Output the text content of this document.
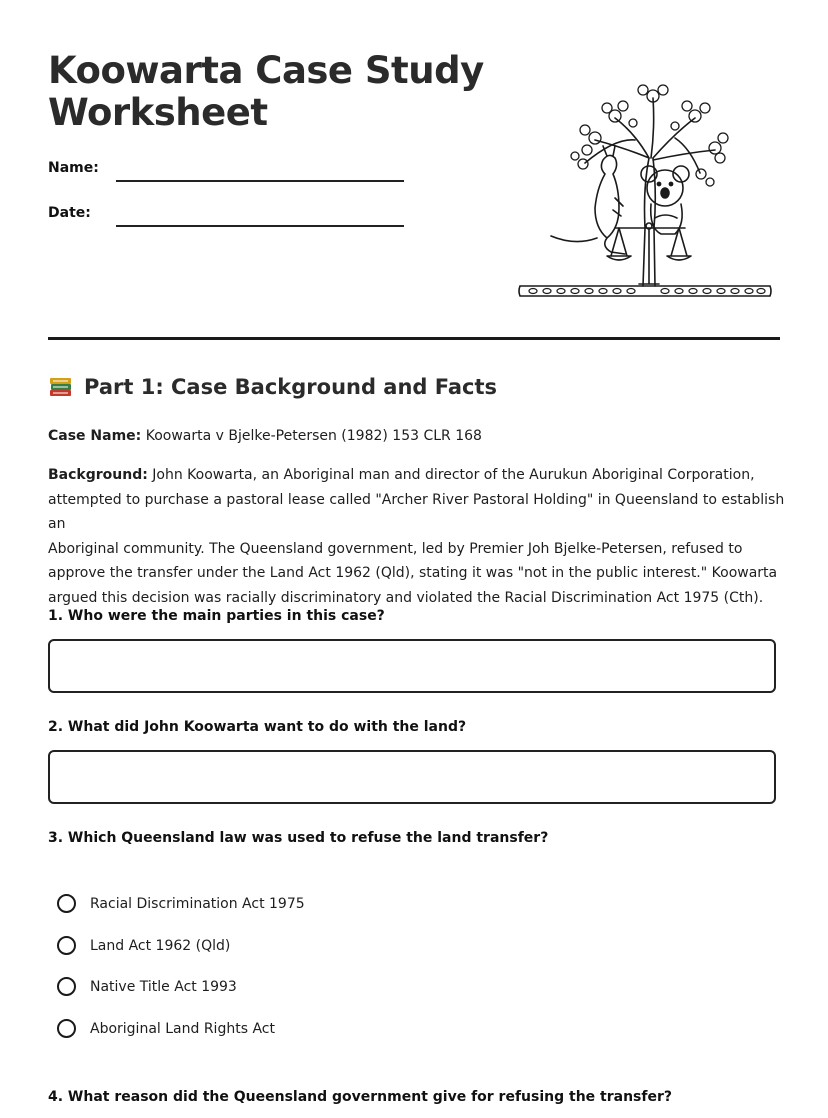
Koowarta Case Study
Worksheet
Name:
Date:
Part 1: Case Background and Facts
Case Name: Koowarta v Bjelke-Petersen (1982) 153 CLR 168
Background: John Koowarta, an Aboriginal man and director of the Aurukun Aboriginal Corporation,
attempted to purchase a pastoral lease called "Archer River Pastoral Holding" in Queensland to establish an
Aboriginal community. The Queensland government, led by Premier Joh Bjelke-Petersen, refused to
approve the transfer under the Land Act 1962 (Qld), stating it was "not in the public interest." Koowarta
argued this decision was racially discriminatory and violated the Racial Discrimination Act 1975 (Cth).
1. Who were the main parties in this case?
2. What did John Koowarta want to do with the land?
3. Which Queensland law was used to refuse the land transfer?
Racial Discrimination Act 1975
Land Act 1962 (Qld)
Native Title Act 1993
Aboriginal Land Rights Act
4. What reason did the Queensland government give for refusing the transfer?
